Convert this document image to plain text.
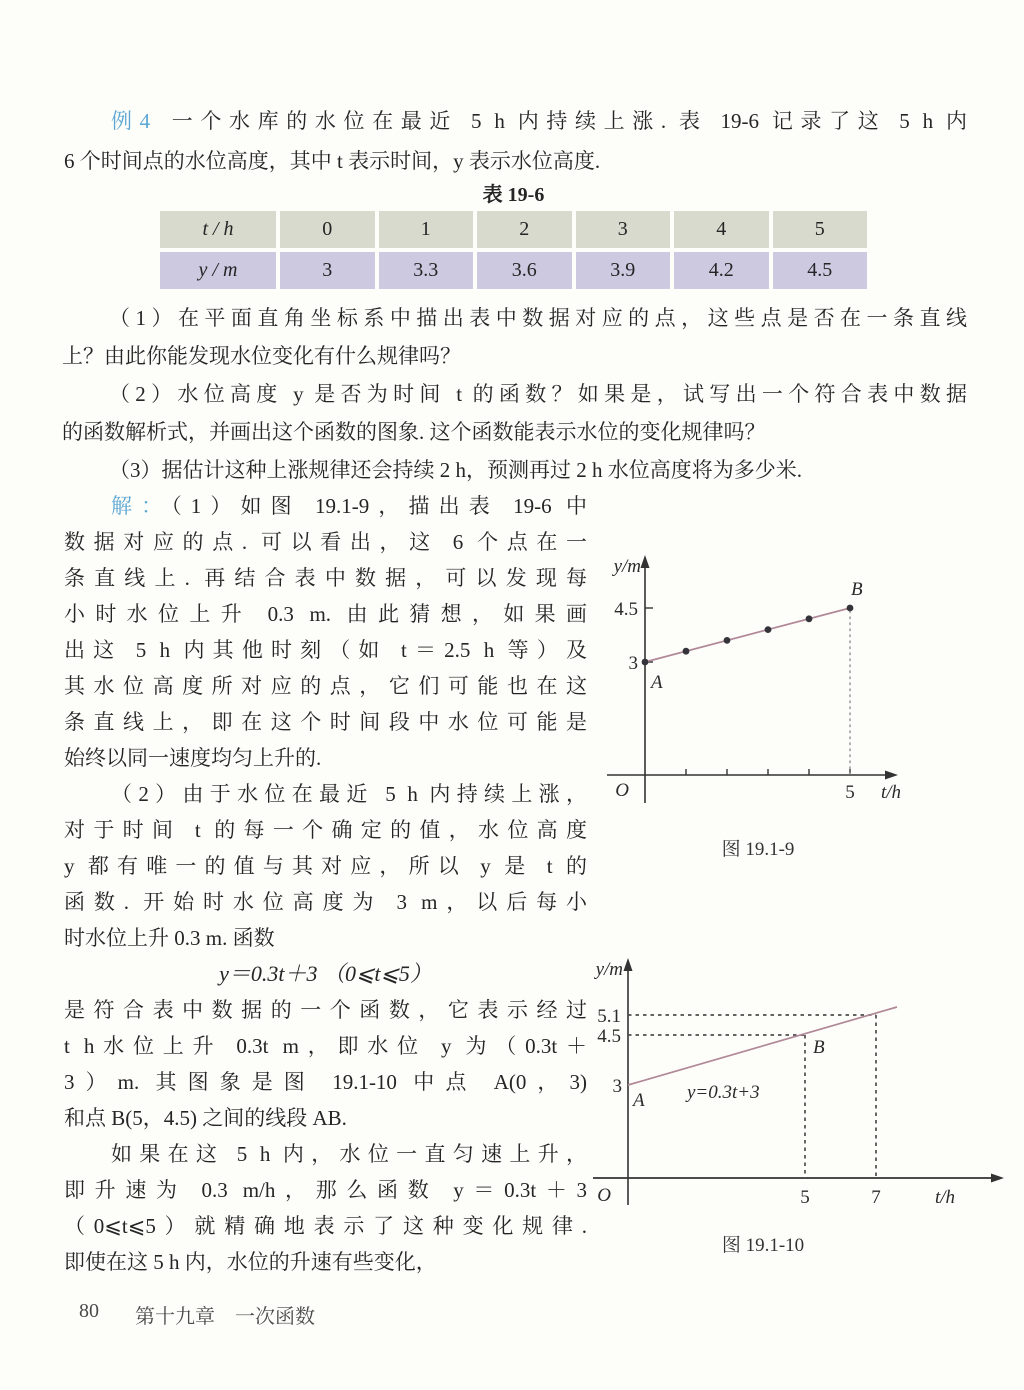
例4 一个水库的水位在最近 5 h 内持续上涨. 表 19-6 记录了这 5 h 内
6 个时间点的水位高度，其中 t 表示时间，y 表示水位高度.
表 19-6
t / h	0	1	2	3	4	5
y / m	3	3.3	3.6	3.9	4.2	4.5
（1）在平面直角坐标系中描出表中数据对应的点，这些点是否在一条直线
上？由此你能发现水位变化有什么规律吗？
（2）水位高度 y 是否为时间 t 的函数？如果是，试写出一个符合表中数据
的函数解析式，并画出这个函数的图象. 这个函数能表示水位的变化规律吗？
（3）据估计这种上涨规律还会持续 2 h，预测再过 2 h 水位高度将为多少米.
解：（1）如图 19.1-9，描出表 19-6 中
数据对应的点. 可以看出，这 6 个点在一
条直线上. 再结合表中数据，可以发现每
小时水位上升 0.3 m. 由此猜想，如果画
出这 5 h 内其他时刻（如 t＝2.5 h 等）及
其水位高度所对应的点，它们可能也在这
条直线上，即在这个时间段中水位可能是
始终以同一速度均匀上升的.
（2）由于水位在最近 5 h 内持续上涨，
对于时间 t 的每一个确定的值，水位高度
y 都有唯一的值与其对应，所以 y 是 t 的
函数. 开始时水位高度为 3 m，以后每小
时水位上升 0.3 m. 函数
y＝0.3t＋3 （0⩽t⩽5）
是符合表中数据的一个函数，它表示经过
t h水位上升 0.3t m，即水位 y 为（0.3t＋
3）m. 其图象是图 19.1-10 中点 A(0，3)
和点 B(5，4.5) 之间的线段 AB.
如果在这 5 h 内，水位一直匀速上升，
即升速为 0.3 m/h，那么函数 y＝0.3t＋3
（0⩽t⩽5）就精确地表示了这种变化规律.
即使在这 5 h 内，水位的升速有些变化，
y/m
4.5
3
A
B
O	5 t/h
图 19.1-9
y/m
5.1
4.5
3
A
B
y=0.3t+3
O	5	7	t/h
图 19.1-10
80 第十九章　一次函数
